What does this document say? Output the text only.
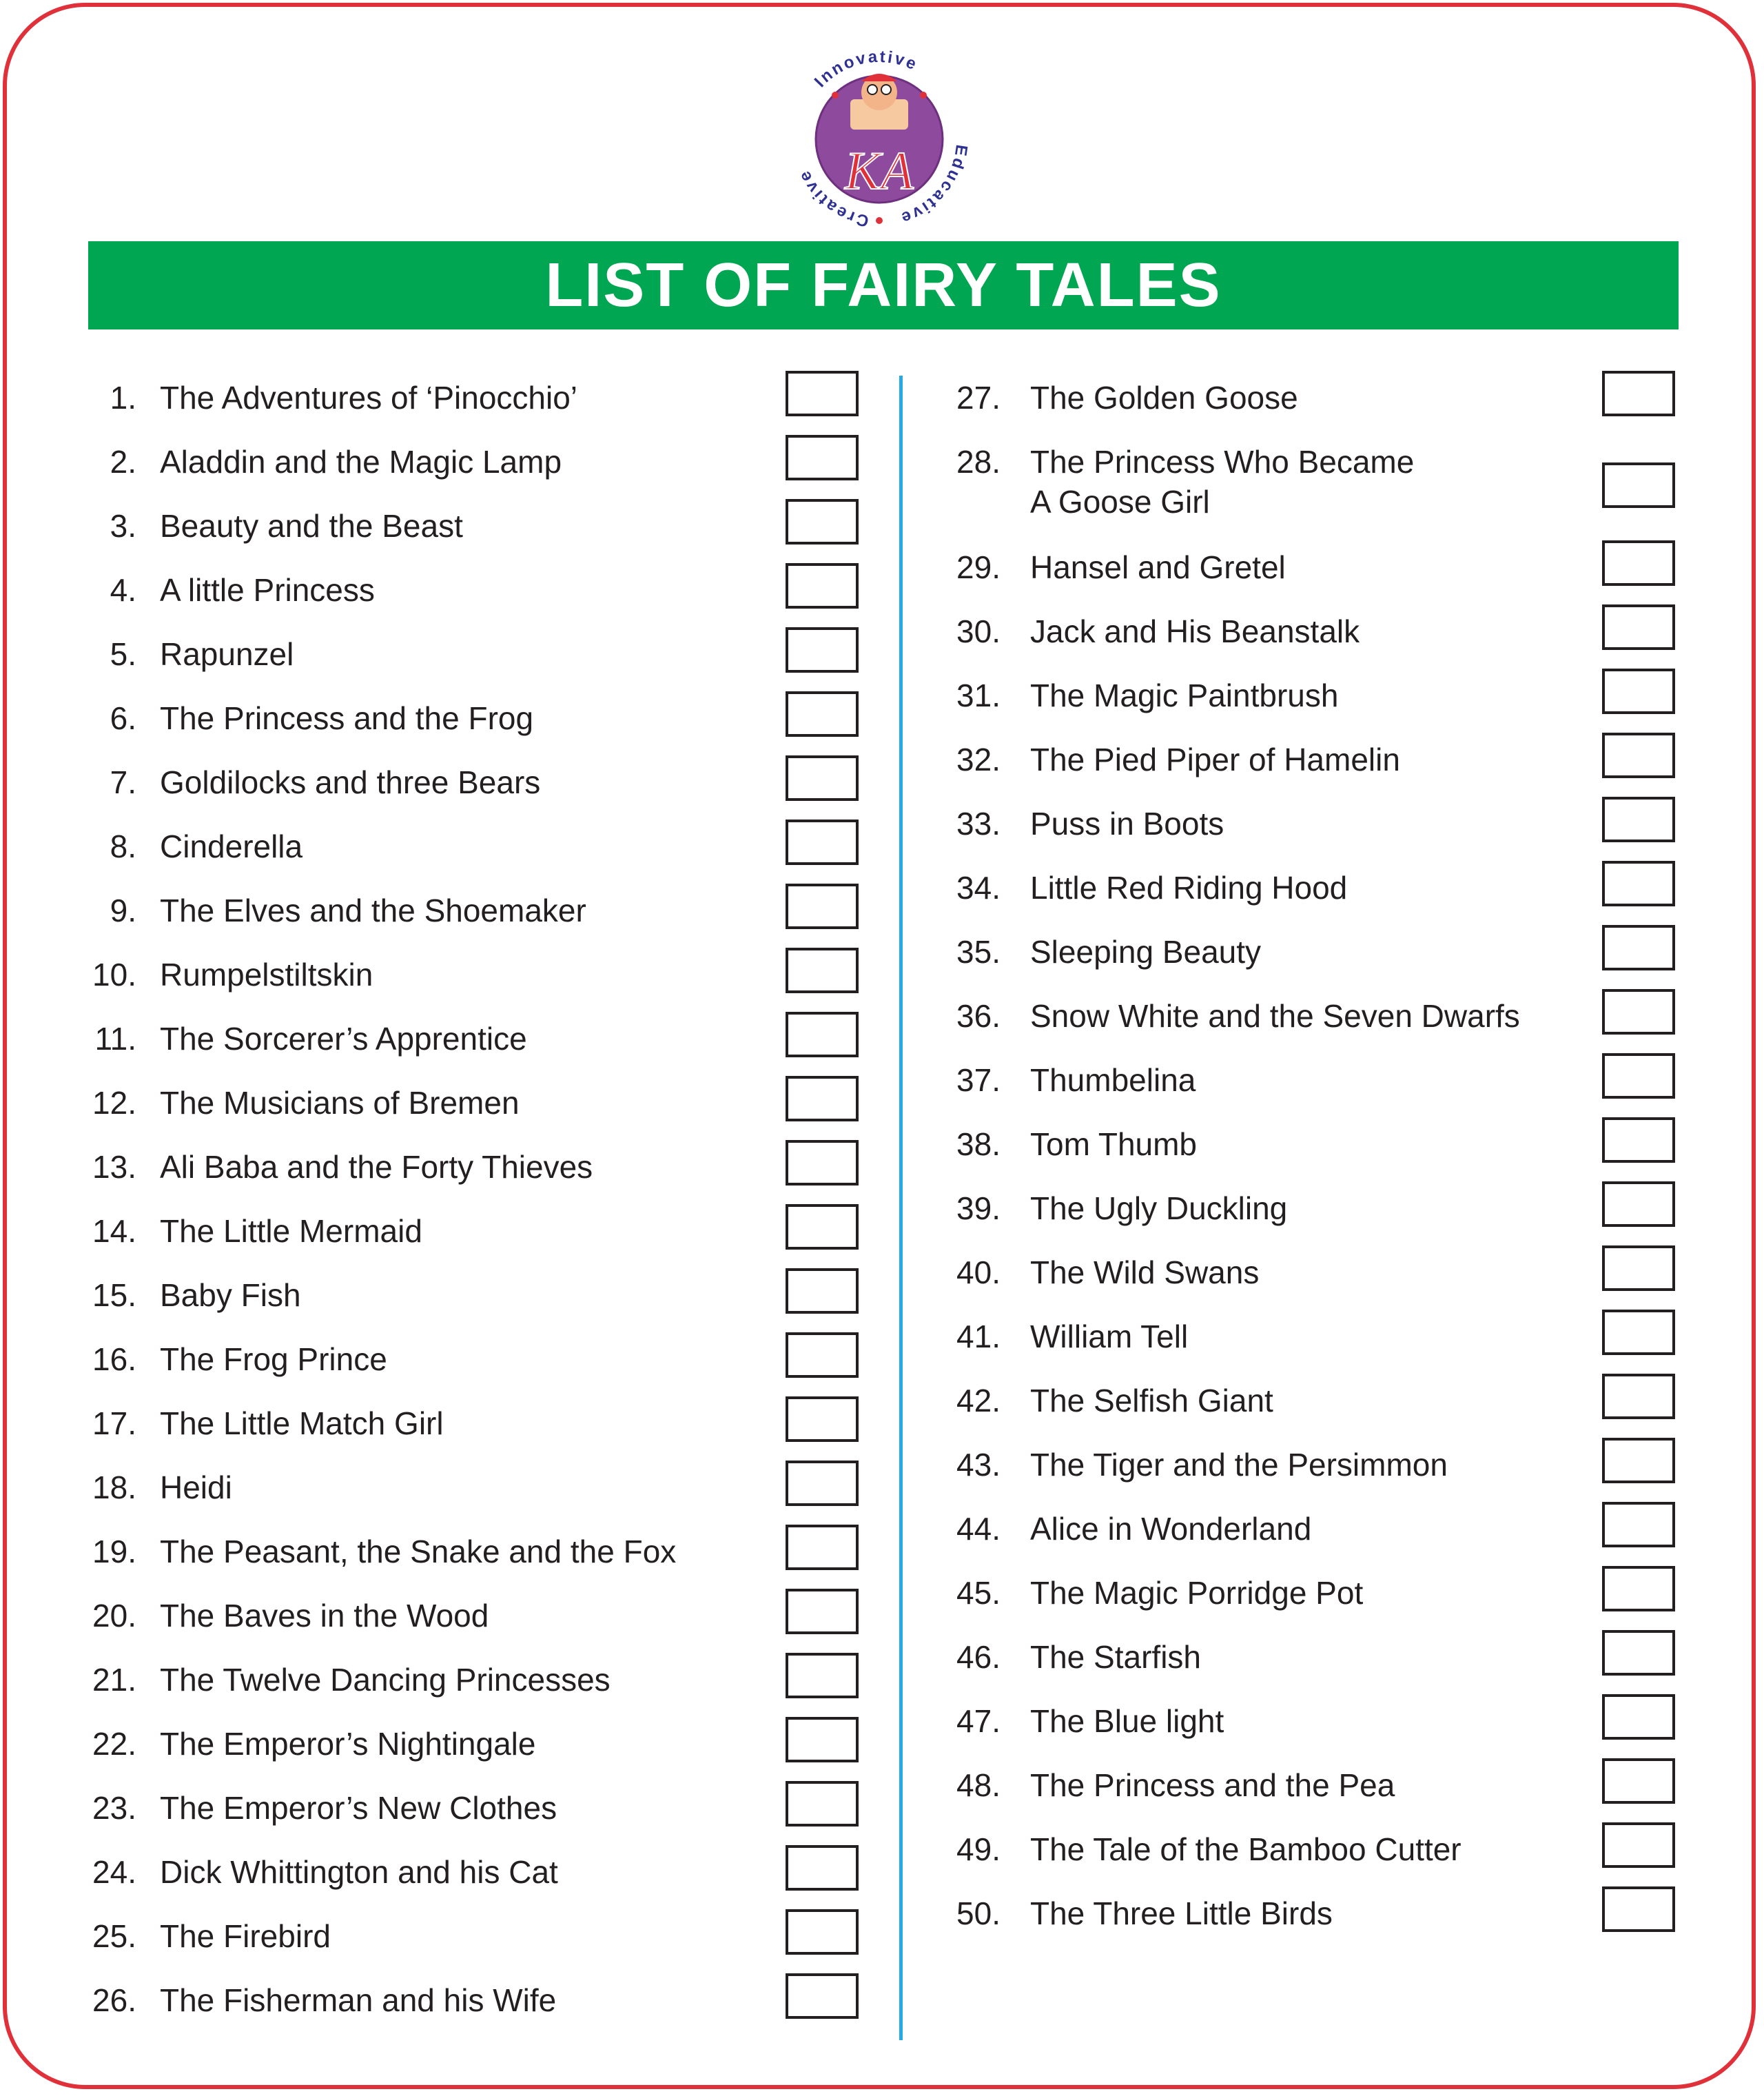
KA
Innovative
Creative
Educative
LIST OF FAIRY TALES
1. The Adventures of ‘Pinocchio’
2. Aladdin and the Magic Lamp
3. Beauty and the Beast
4. A little Princess
5. Rapunzel
6. The Princess and the Frog
7. Goldilocks and three Bears
8. Cinderella
9. The Elves and the Shoemaker
10. Rumpelstiltskin
11. The Sorcerer’s Apprentice
12. The Musicians of Bremen
13. Ali Baba and the Forty Thieves
14. The Little Mermaid
15. Baby Fish
16. The Frog Prince
17. The Little Match Girl
18. Heidi
19. The Peasant, the Snake and the Fox
20. The Baves in the Wood
21. The Twelve Dancing Princesses
22. The Emperor’s Nightingale
23. The Emperor’s New Clothes
24. Dick Whittington and his Cat
25. The Firebird
26. The Fisherman and his Wife
27. The Golden Goose
28. The Princess Who Became
A Goose Girl
29. Hansel and Gretel
30. Jack and His Beanstalk
31. The Magic Paintbrush
32. The Pied Piper of Hamelin
33. Puss in Boots
34. Little Red Riding Hood
35. Sleeping Beauty
36. Snow White and the Seven Dwarfs
37. Thumbelina
38. Tom Thumb
39. The Ugly Duckling
40. The Wild Swans
41. William Tell
42. The Selfish Giant
43. The Tiger and the Persimmon
44. Alice in Wonderland
45. The Magic Porridge Pot
46. The Starfish
47. The Blue light
48. The Princess and the Pea
49. The Tale of the Bamboo Cutter
50. The Three Little Birds
